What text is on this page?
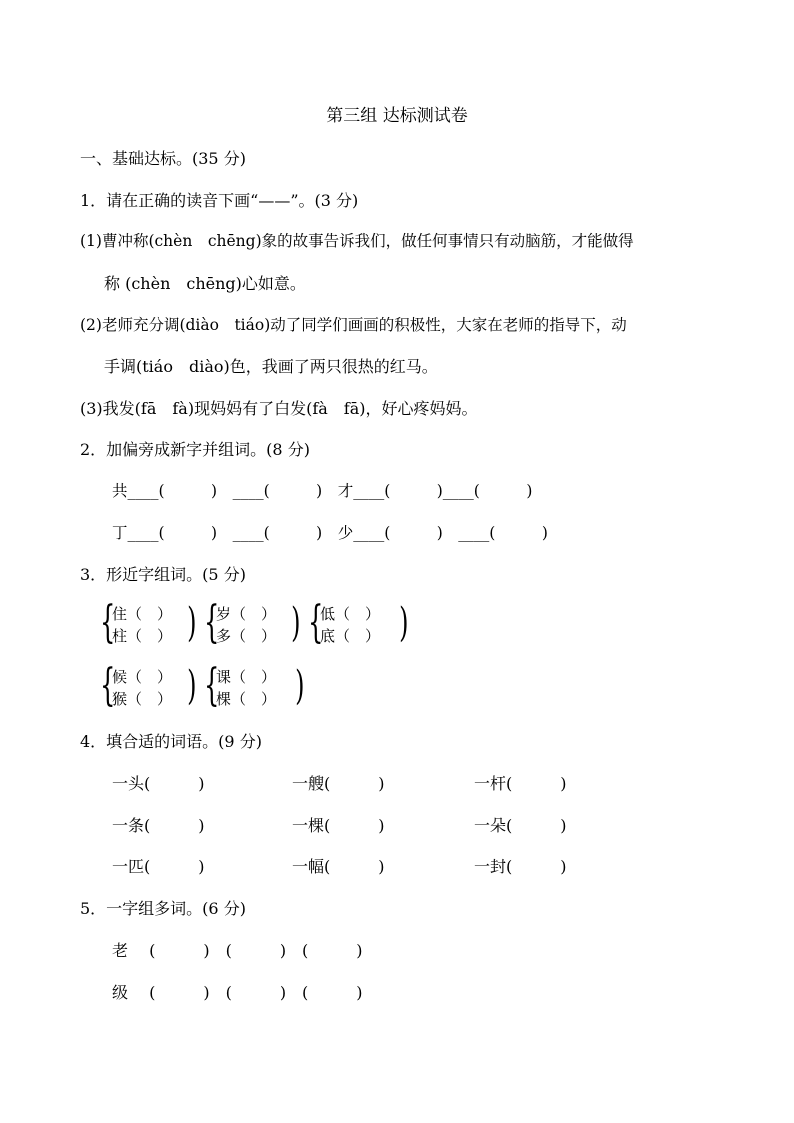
第三组 达标测试卷
一、基础达标。(35 分)
1．请在正确的读音下画“——”。(3 分)
(1)曹冲称(chèn　chēng)象的故事告诉我们，做任何事情只有动脑筋，才能做得
称 (chèn　chēng)心如意。
(2)老师充分调(diào　tiáo)动了同学们画画的积极性，大家在老师的指导下，动
手调(tiáo　diào)色，我画了两只很热的红马。
(3)我发(fā　fà)现妈妈有了白发(fà　fā)，好心疼妈妈。
2．加偏旁成新字并组词。(8 分)
共____(　　　)　____(　　　)　才____(　　　)____(　　　)
丁____(　　　)　____(　　　)　少____(　　　)　____(　　　)
3．形近字组词。(5 分)
{
住（　）
柱（　） ) {
岁（　）
多（　） ) {
低（　）
底（　） )
{
候（　）
猴（　） ) {
课（　）
棵（　） )
4．填合适的词语。(9 分)
一头(　　　)	一艘(　　　)	一杆(　　　)
一条(　　　)	一棵(　　　)	一朵(　　　)
一匹(　　　)	一幅(　　　)	一封(　　　)
5．一字组多词。(6 分)
老　 (　　　)　(　　　)　(　　　)
级　 (　　　)　(　　　)　(　　　)
